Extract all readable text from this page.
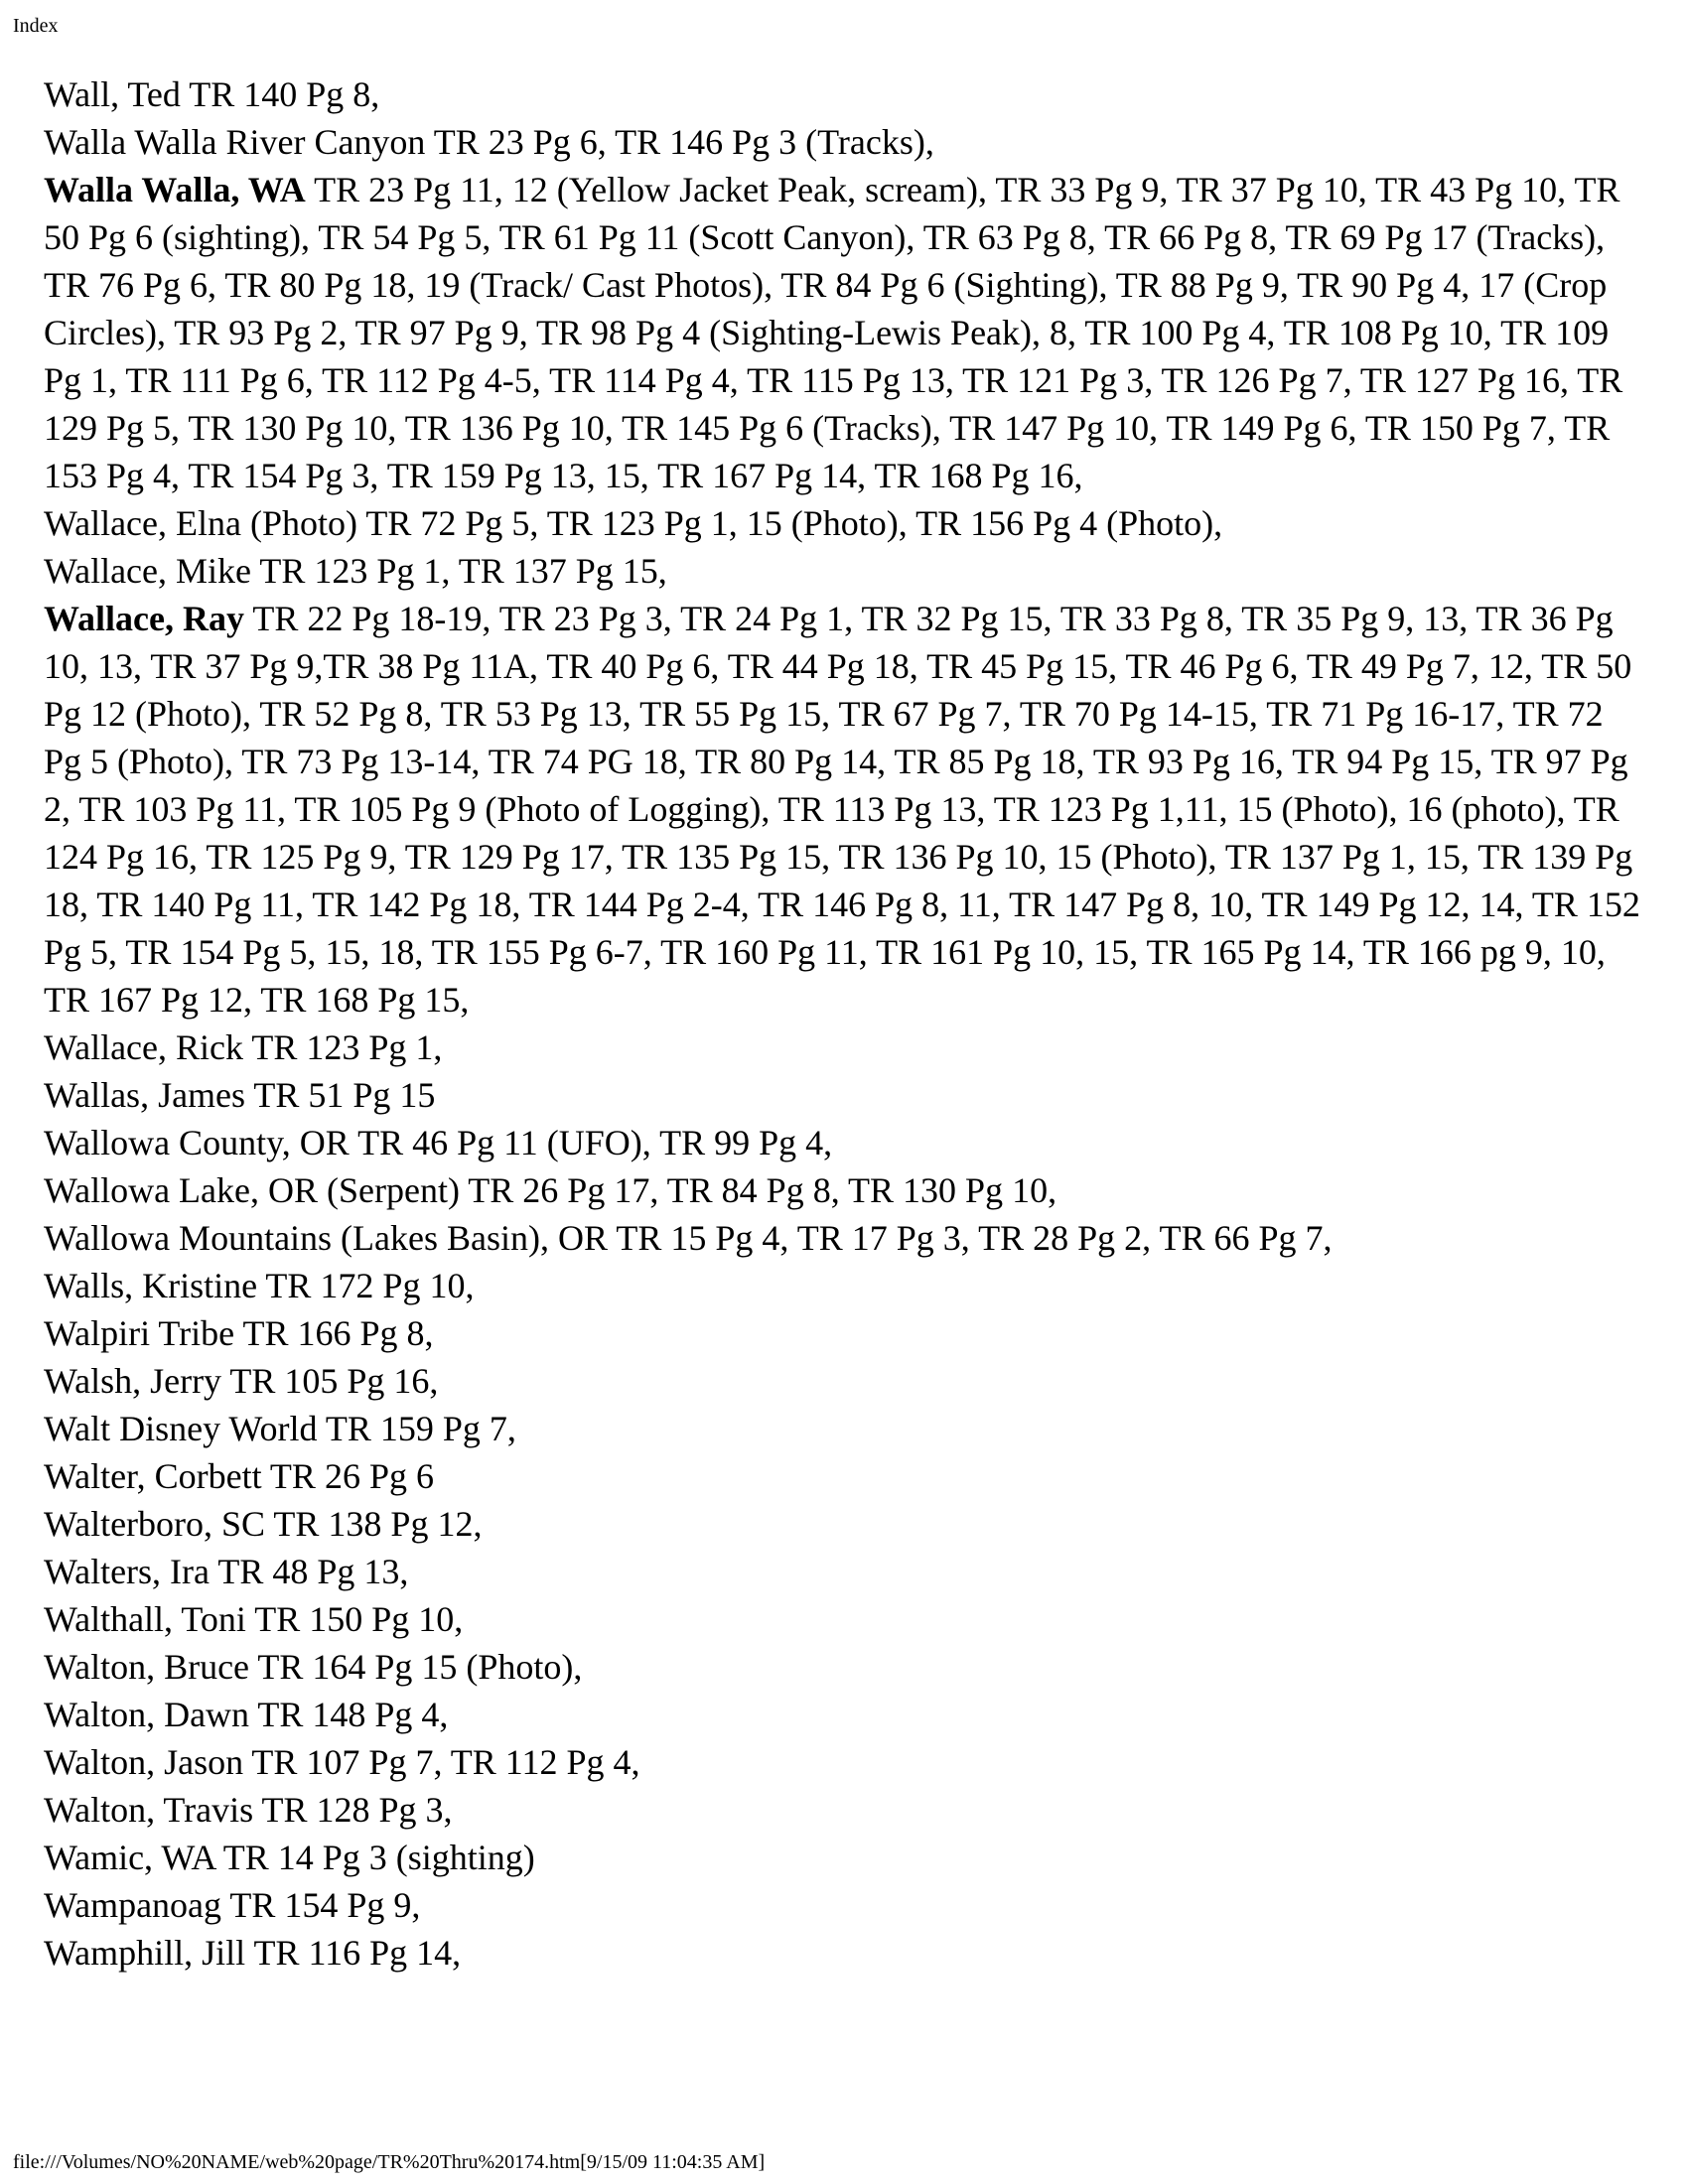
Index

Wall, Ted TR 140 Pg 8,

Walla Walla River Canyon TR 23 Pg 6, TR 146 Pg 3 (Tracks),

Walla Walla, WA TR 23 Pg 11, 12 (Yellow Jacket Peak, scream), TR 33 Pg 9, TR 37 Pg 10, TR 43 Pg 10, TR 50 Pg 6 (sighting), TR 54 Pg 5, TR 61 Pg 11 (Scott Canyon), TR 63 Pg 8, TR 66 Pg 8, TR 69 Pg 17 (Tracks), TR 76 Pg 6, TR 80 Pg 18, 19 (Track/ Cast Photos), TR 84 Pg 6 (Sighting), TR 88 Pg 9, TR 90 Pg 4, 17 (Crop Circles), TR 93 Pg 2, TR 97 Pg 9, TR 98 Pg 4 (Sighting-Lewis Peak), 8, TR 100 Pg 4, TR 108 Pg 10, TR 109 Pg 1, TR 111 Pg 6, TR 112 Pg 4-5, TR 114 Pg 4, TR 115 Pg 13, TR 121 Pg 3, TR 126 Pg 7, TR 127 Pg 16, TR 129 Pg 5, TR 130 Pg 10, TR 136 Pg 10, TR 145 Pg 6 (Tracks), TR 147 Pg 10, TR 149 Pg 6, TR 150 Pg 7, TR 153 Pg 4, TR 154 Pg 3, TR 159 Pg 13, 15, TR 167 Pg 14, TR 168 Pg 16,

Wallace, Elna (Photo) TR 72 Pg 5, TR 123 Pg 1, 15 (Photo), TR 156 Pg 4 (Photo),

Wallace, Mike TR 123 Pg 1, TR 137 Pg 15,

Wallace, Ray TR 22 Pg 18-19, TR 23 Pg 3, TR 24 Pg 1, TR 32 Pg 15, TR 33 Pg 8, TR 35 Pg 9, 13, TR 36 Pg 10, 13, TR 37 Pg 9,TR 38 Pg 11A, TR 40 Pg 6, TR 44 Pg 18, TR 45 Pg 15, TR 46 Pg 6, TR 49 Pg 7, 12, TR 50 Pg 12 (Photo), TR 52 Pg 8, TR 53 Pg 13, TR 55 Pg 15, TR 67 Pg 7, TR 70 Pg 14-15, TR 71 Pg 16-17, TR 72 Pg 5 (Photo), TR 73 Pg 13-14, TR 74 PG 18, TR 80 Pg 14, TR 85 Pg 18, TR 93 Pg 16, TR 94 Pg 15, TR 97 Pg 2, TR 103 Pg 11, TR 105 Pg 9 (Photo of Logging), TR 113 Pg 13, TR 123 Pg 1,11, 15 (Photo), 16 (photo), TR 124 Pg 16, TR 125 Pg 9, TR 129 Pg 17, TR 135 Pg 15, TR 136 Pg 10, 15 (Photo), TR 137 Pg 1, 15, TR 139 Pg 18, TR 140 Pg 11, TR 142 Pg 18, TR 144 Pg 2-4, TR 146 Pg 8, 11, TR 147 Pg 8, 10, TR 149 Pg 12, 14, TR 152 Pg 5, TR 154 Pg 5, 15, 18, TR 155 Pg 6-7, TR 160 Pg 11, TR 161 Pg 10, 15, TR 165 Pg 14, TR 166 pg 9, 10, TR 167 Pg 12, TR 168 Pg 15,

Wallace, Rick TR 123 Pg 1,

Wallas, James TR 51 Pg 15

Wallowa County, OR TR 46 Pg 11 (UFO), TR 99 Pg 4,

Wallowa Lake, OR (Serpent) TR 26 Pg 17, TR 84 Pg 8, TR 130 Pg 10,

Wallowa Mountains (Lakes Basin), OR TR 15 Pg 4, TR 17 Pg 3, TR 28 Pg 2, TR 66 Pg 7,

Walls, Kristine TR 172 Pg 10,

Walpiri Tribe TR 166 Pg 8,

Walsh, Jerry TR 105 Pg 16,

Walt Disney World TR 159 Pg 7,

Walter, Corbett TR 26 Pg 6

Walterboro, SC TR 138 Pg 12,

Walters, Ira TR 48 Pg 13,

Walthall, Toni TR 150 Pg 10,

Walton, Bruce TR 164 Pg 15 (Photo),

Walton, Dawn TR 148 Pg 4,

Walton, Jason TR 107 Pg 7, TR 112 Pg 4,

Walton, Travis TR 128 Pg 3,

Wamic, WA TR 14 Pg 3 (sighting)

Wampanoag TR 154 Pg 9,

Wamphill, Jill TR 116 Pg 14,

file:///Volumes/NO%20NAME/web%20page/TR%20Thru%20174.htm[9/15/09 11:04:35 AM]
